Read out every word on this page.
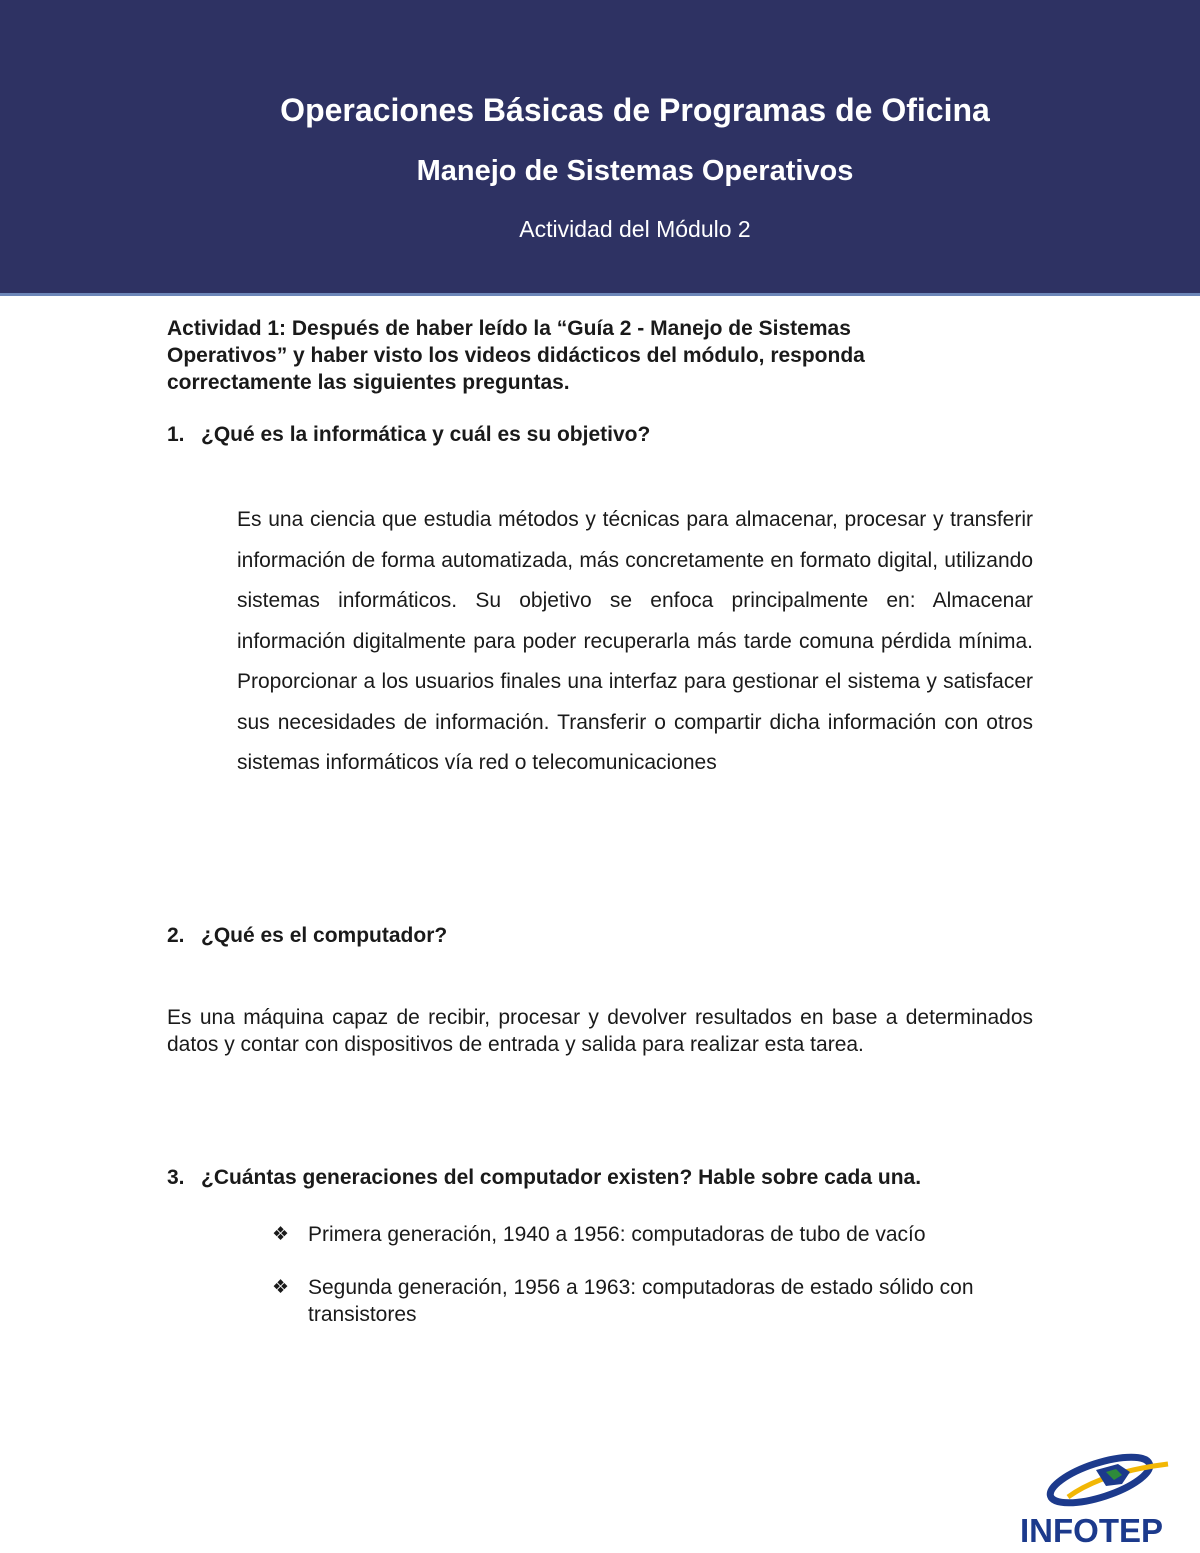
Operaciones Básicas de Programas de Oficina
Manejo de Sistemas Operativos
Actividad del Módulo 2

Actividad 1: Después de haber leído la “Guía 2 - Manejo de Sistemas Operativos” y haber visto los videos didácticos del módulo, responda correctamente las siguientes preguntas.

1. ¿Qué es la informática y cuál es su objetivo?

Es una ciencia que estudia métodos y técnicas para almacenar, procesar y transferir información de forma automatizada, más concretamente en formato digital, utilizando sistemas informáticos. Su objetivo se enfoca principalmente en: Almacenar información digitalmente para poder recuperarla más tarde comuna pérdida mínima. Proporcionar a los usuarios finales una interfaz para gestionar el sistema y satisfacer sus necesidades de información. Transferir o compartir dicha información con otros sistemas informáticos vía red o telecomunicaciones

2. ¿Qué es el computador?

Es una máquina capaz de recibir, procesar y devolver resultados en base a determinados datos y contar con dispositivos de entrada y salida para realizar esta tarea.

3. ¿Cuántas generaciones del computador existen? Hable sobre cada una.
❖ Primera generación, 1940 a 1956: computadoras de tubo de vacío
❖ Segunda generación, 1956 a 1963: computadoras de estado sólido con transistores
INFOTEP
